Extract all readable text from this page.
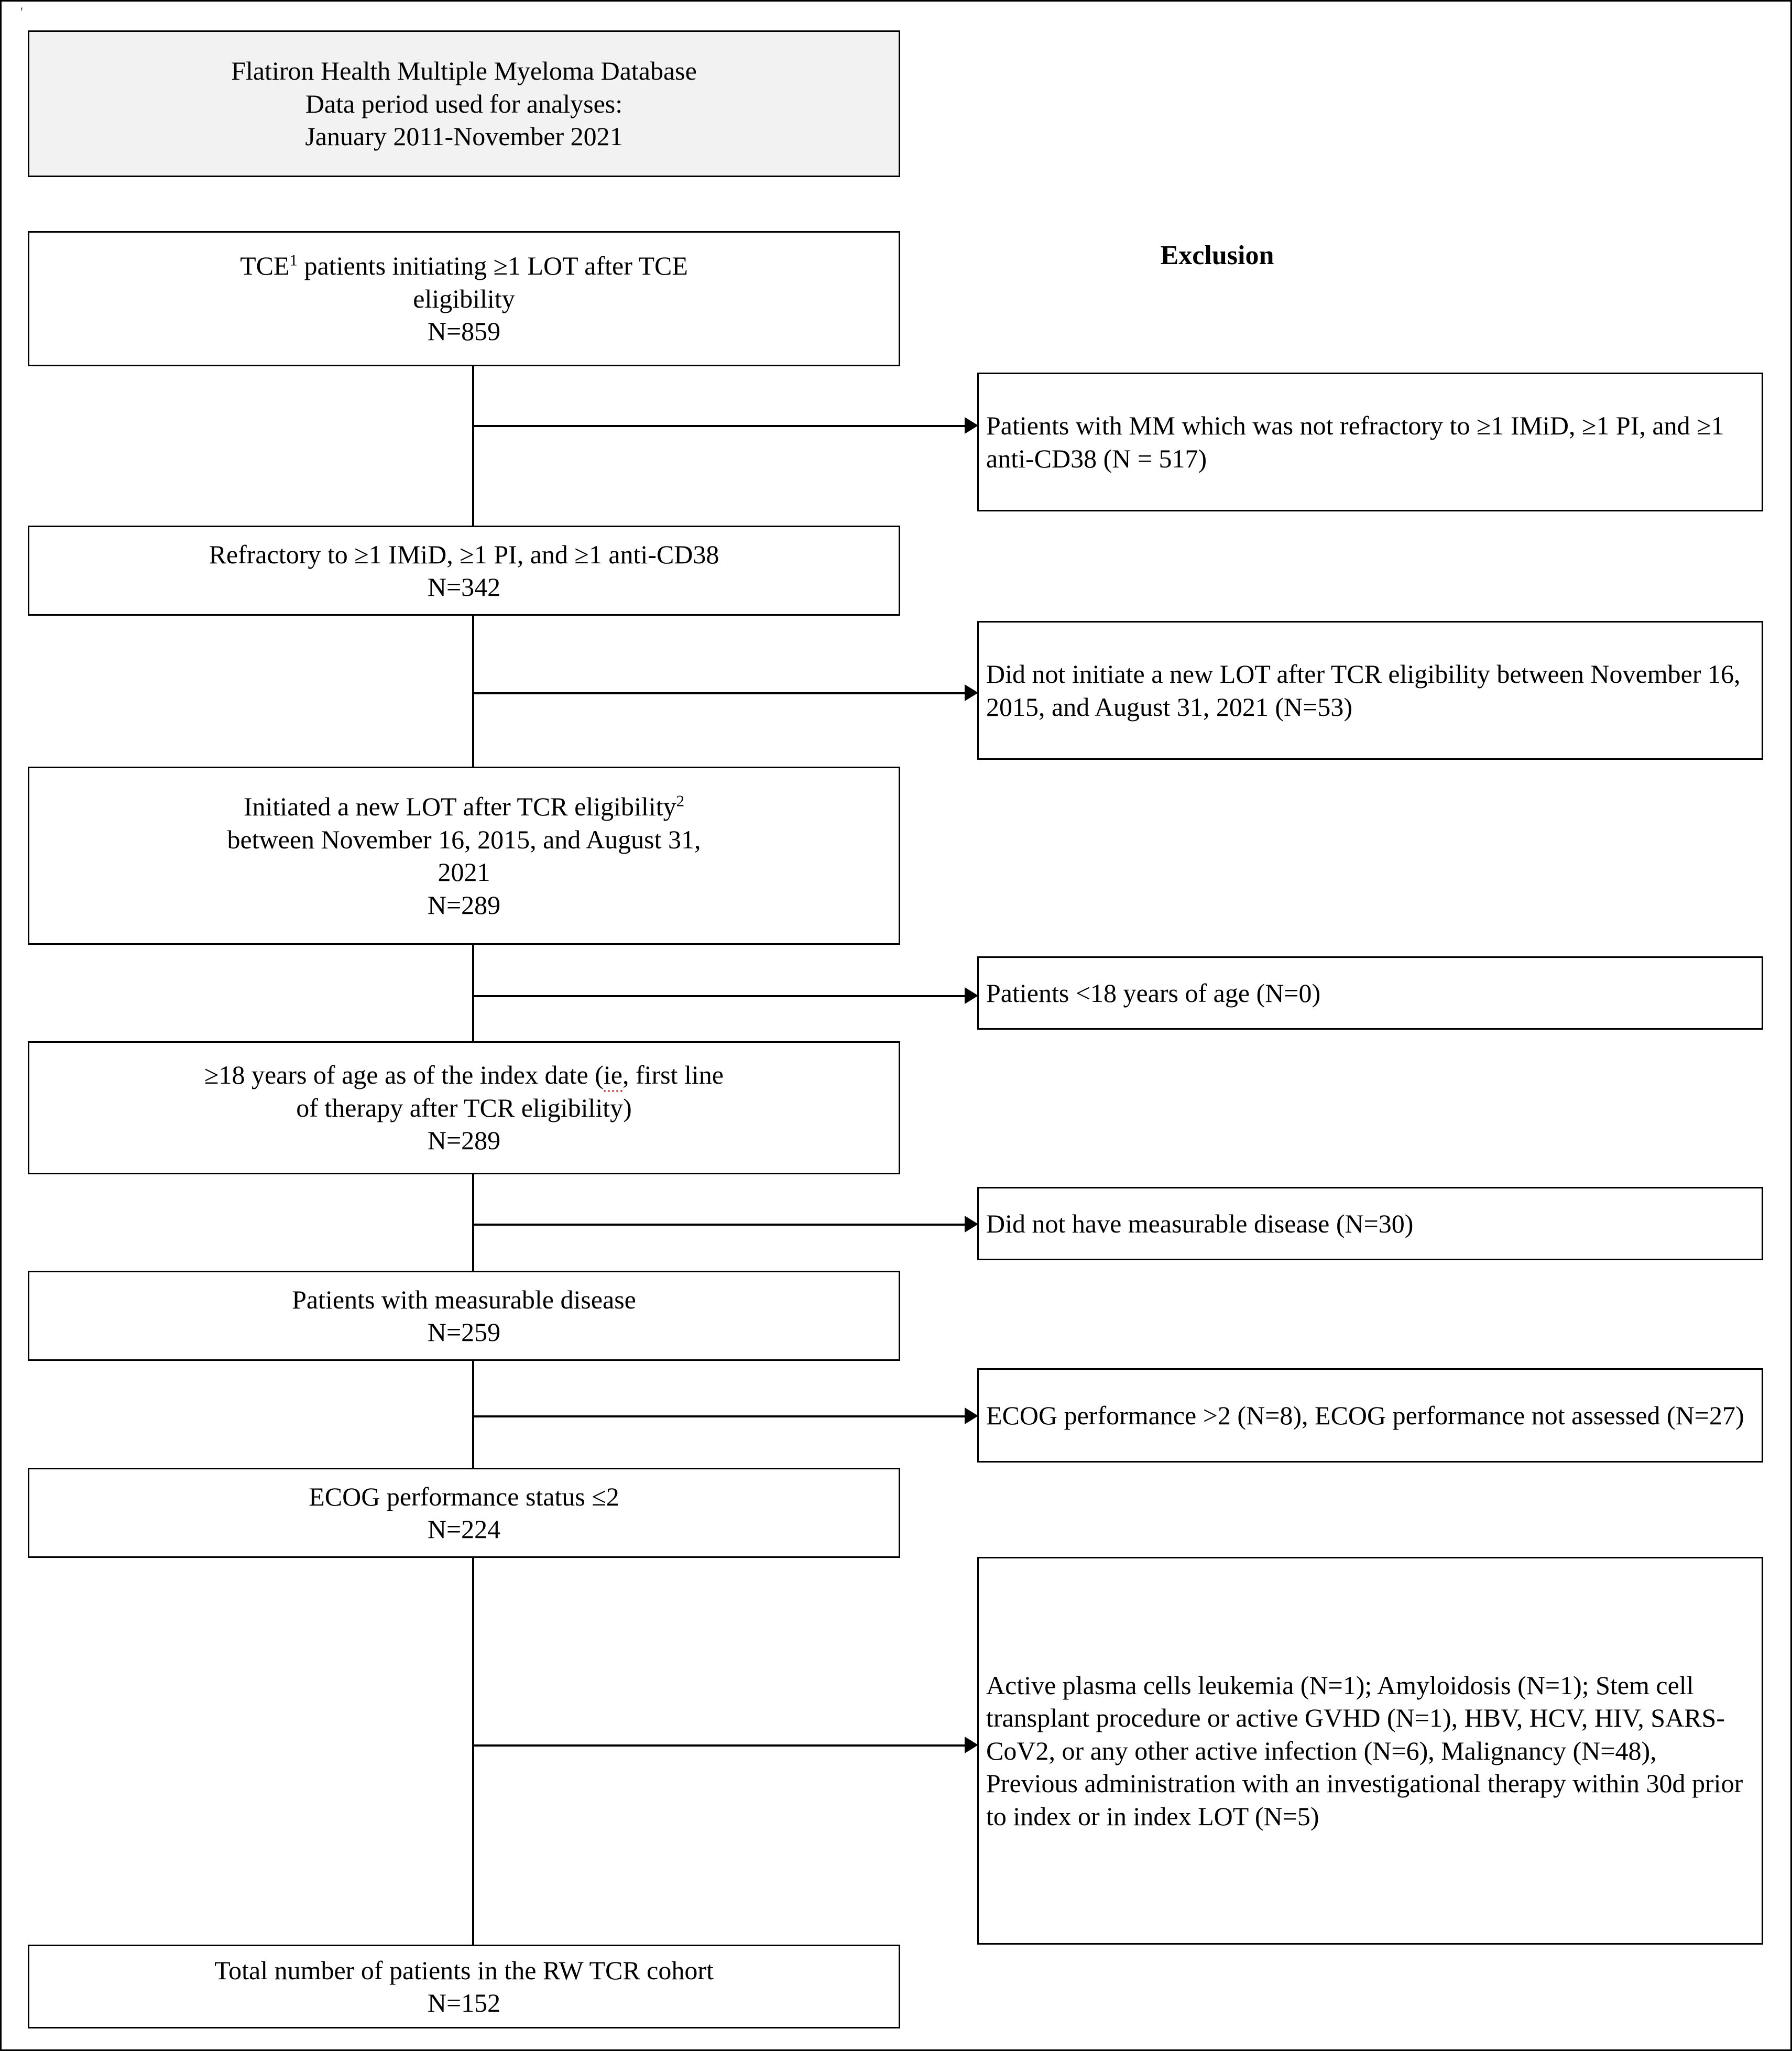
'
Flatiron Health Multiple Myeloma Database
Data period used for analyses:
January 2011-November 2021
Exclusion
TCE$^1$ patients initiating ≥1 LOT after TCE
eligibility
N=859
Patients with MM which was not refractory to ≥1 IMiD, ≥1 PI, and ≥1 anti-CD38 (N = 517)
Refractory to ≥1 IMiD, ≥1 PI, and ≥1 anti-CD38
N=342
Did not initiate a new LOT after TCR eligibility between November 16, 2015, and August 31, 2021 (N=53)
Initiated a new LOT after TCR eligibility$^2$
between November 16, 2015, and August 31,
2021
N=289
Patients <18 years of age (N=0)
≥18 years of age as of the index date (ie, first line
of therapy after TCR eligibility)
N=289
Did not have measurable disease (N=30)
Patients with measurable disease
N=259
ECOG performance >2 (N=8), ECOG performance not assessed (N=27)
ECOG performance status ≤2
N=224
Active plasma cells leukemia (N=1); Amyloidosis (N=1); Stem cell transplant procedure or active GVHD (N=1), HBV, HCV, HIV, SARS-CoV2, or any other active infection (N=6), Malignancy (N=48), Previous administration with an investigational therapy within 30d prior to index or in index LOT (N=5)
Total number of patients in the RW TCR cohort
N=152
